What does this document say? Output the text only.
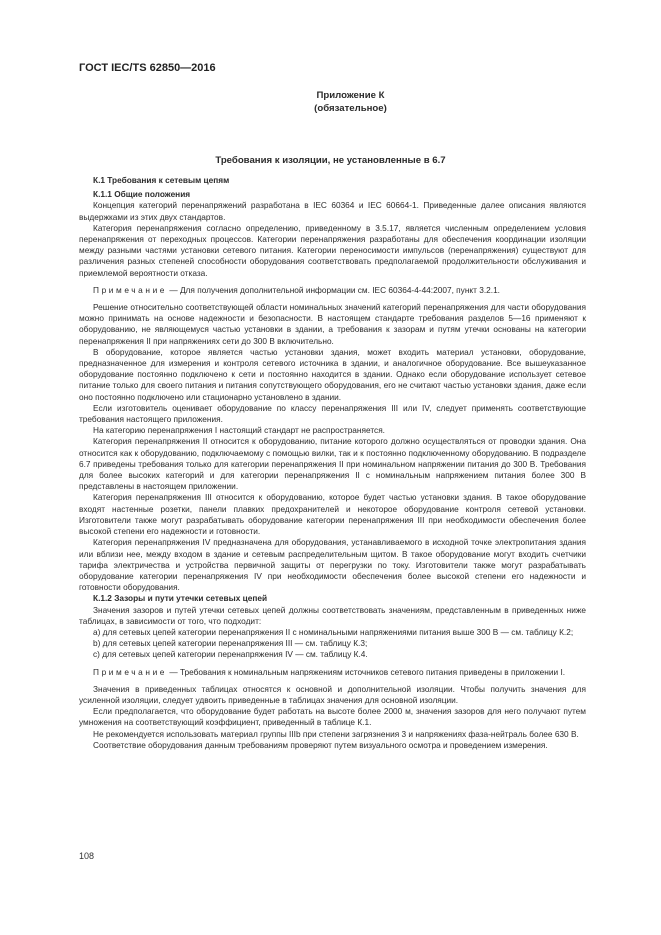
ГОСТ IEC/TS 62850—2016
Приложение К
(обязательное)
Требования к изоляции, не установленные в 6.7
К.1 Требования к сетевым цепям
К.1.1 Общие положения

Концепция категорий перенапряжений разработана в IEC 60364 и IEC 60664-1. Приведенные далее описания являются выдержками из этих двух стандартов.

Категория перенапряжения согласно определению, приведенному в 3.5.17, является численным определением условия перенапряжения от переходных процессов. Категории перенапряжения разработаны для обеспечения координации изоляции между разными частями установки сетевого питания. Категории переносимости импульсов (перенапряжения) существуют для различения разных степеней способности оборудования соответствовать предполагаемой продолжительности обслуживания и приемлемой вероятности отказа.

Примечание — Для получения дополнительной информации см. IEC 60364-4-44:2007, пункт 3.2.1.

Решение относительно соответствующей области номинальных значений категорий перенапряжения для части оборудования можно принимать на основе надежности и безопасности. В настоящем стандарте требования разделов 5—16 применяют к оборудованию, не являющемуся частью установки в здании, а требования к зазорам и путям утечки основаны на категории перенапряжения II при напряжениях сети до 300 В включительно.

В оборудование, которое является частью установки здания, может входить материал установки, оборудование, предназначенное для измерения и контроля сетевого источника в здании, и аналогичное оборудование. Все вышеуказанное оборудование постоянно подключено к сети и постоянно находится в здании. Однако если оборудование использует сетевое питание только для своего питания и питания сопутствующего оборудования, его не считают частью установки здания, даже если оно постоянно подключено или стационарно установлено в здании.

Если изготовитель оценивает оборудование по классу перенапряжения III или IV, следует применять соответствующие требования настоящего приложения.

На категорию перенапряжения I настоящий стандарт не распространяется.

Категория перенапряжения II относится к оборудованию, питание которого должно осуществляться от проводки здания. Она относится как к оборудованию, подключаемому с помощью вилки, так и к постоянно подключенному оборудованию. В подразделе 6.7 приведены требования только для категории перенапряжения II при номинальном напряжении питания до 300 В. Требования для более высоких категорий и для категории перенапряжения II с номинальным напряжением питания более 300 В представлены в настоящем приложении.

Категория перенапряжения III относится к оборудованию, которое будет частью установки здания. В такое оборудование входят настенные розетки, панели плавких предохранителей и некоторое оборудование контроля сетевой установки. Изготовители также могут разрабатывать оборудование категории перенапряжения III при необходимости обеспечения более высокой степени его надежности и готовности.

Категория перенапряжения IV предназначена для оборудования, устанавливаемого в исходной точке электропитания здания или вблизи нее, между входом в здание и сетевым распределительным щитом. В такое оборудование могут входить счетчики тарифа электричества и устройства первичной защиты от перегрузки по току. Изготовители также могут разрабатывать оборудование категории перенапряжения IV при необходимости обеспечения более высокой степени его надежности и готовности оборудования.

К.1.2 Зазоры и пути утечки сетевых цепей

Значения зазоров и путей утечки сетевых цепей должны соответствовать значениям, представленным в приведенных ниже таблицах, в зависимости от того, что подходит:

a) для сетевых цепей категории перенапряжения II с номинальными напряжениями питания выше 300 В — см. таблицу К.2;

b) для сетевых цепей категории перенапряжения III — см. таблицу К.3;

c) для сетевых цепей категории перенапряжения IV — см. таблицу К.4.

Примечание — Требования к номинальным напряжениям источников сетевого питания приведены в приложении I.

Значения в приведенных таблицах относятся к основной и дополнительной изоляции. Чтобы получить значения для усиленной изоляции, следует удвоить приведенные в таблицах значения для основной изоляции.

Если предполагается, что оборудование будет работать на высоте более 2000 м, значения зазоров для него получают путем умножения на соответствующий коэффициент, приведенный в таблице К.1.

Не рекомендуется использовать материал группы IIIb при степени загрязнения 3 и напряжениях фаза-нейтраль более 630 В.

Соответствие оборудования данным требованиям проверяют путем визуального осмотра и проведением измерения.

108
